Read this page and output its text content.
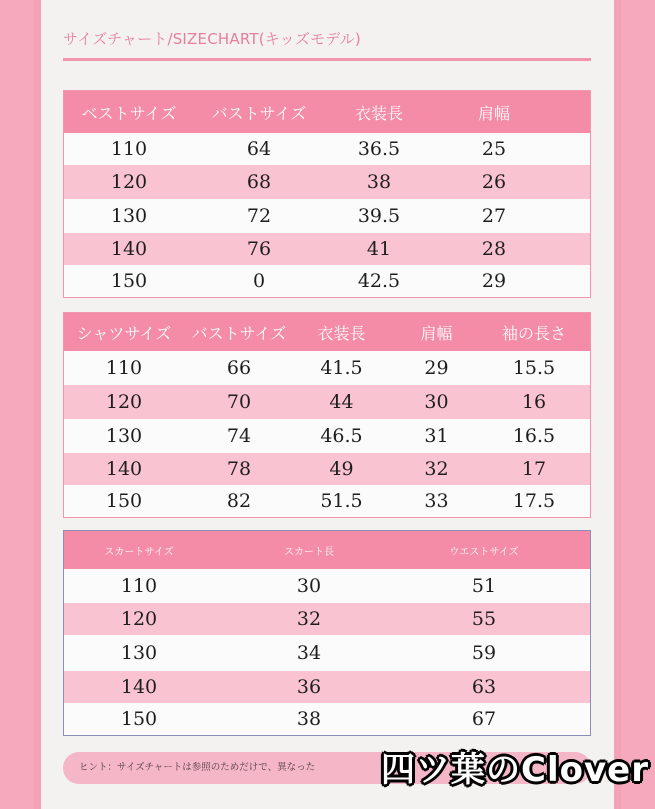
サイズチャート/SIZECHART(キッズモデル)
ベストサイズ	バストサイズ	衣装長	肩幅
110	64	36.5	25
120	68	38	26
130	72	39.5	27
140	76	41	28
150	0	42.5	29
シャツサイズ	バストサイズ	衣装長	肩幅	袖の長さ
110	66	41.5	29	15.5
120	70	44	30	16
130	74	46.5	31	16.5
140	78	49	32	17
150	82	51.5	33	17.5
スカートサイズ	スカート長	ウエストサイズ
110	30	51
120	32	55
130	34	59
140	36	63
150	38	67
ヒント：サイズチャートは参照のためだけで、異なった	四ツ葉のClover
